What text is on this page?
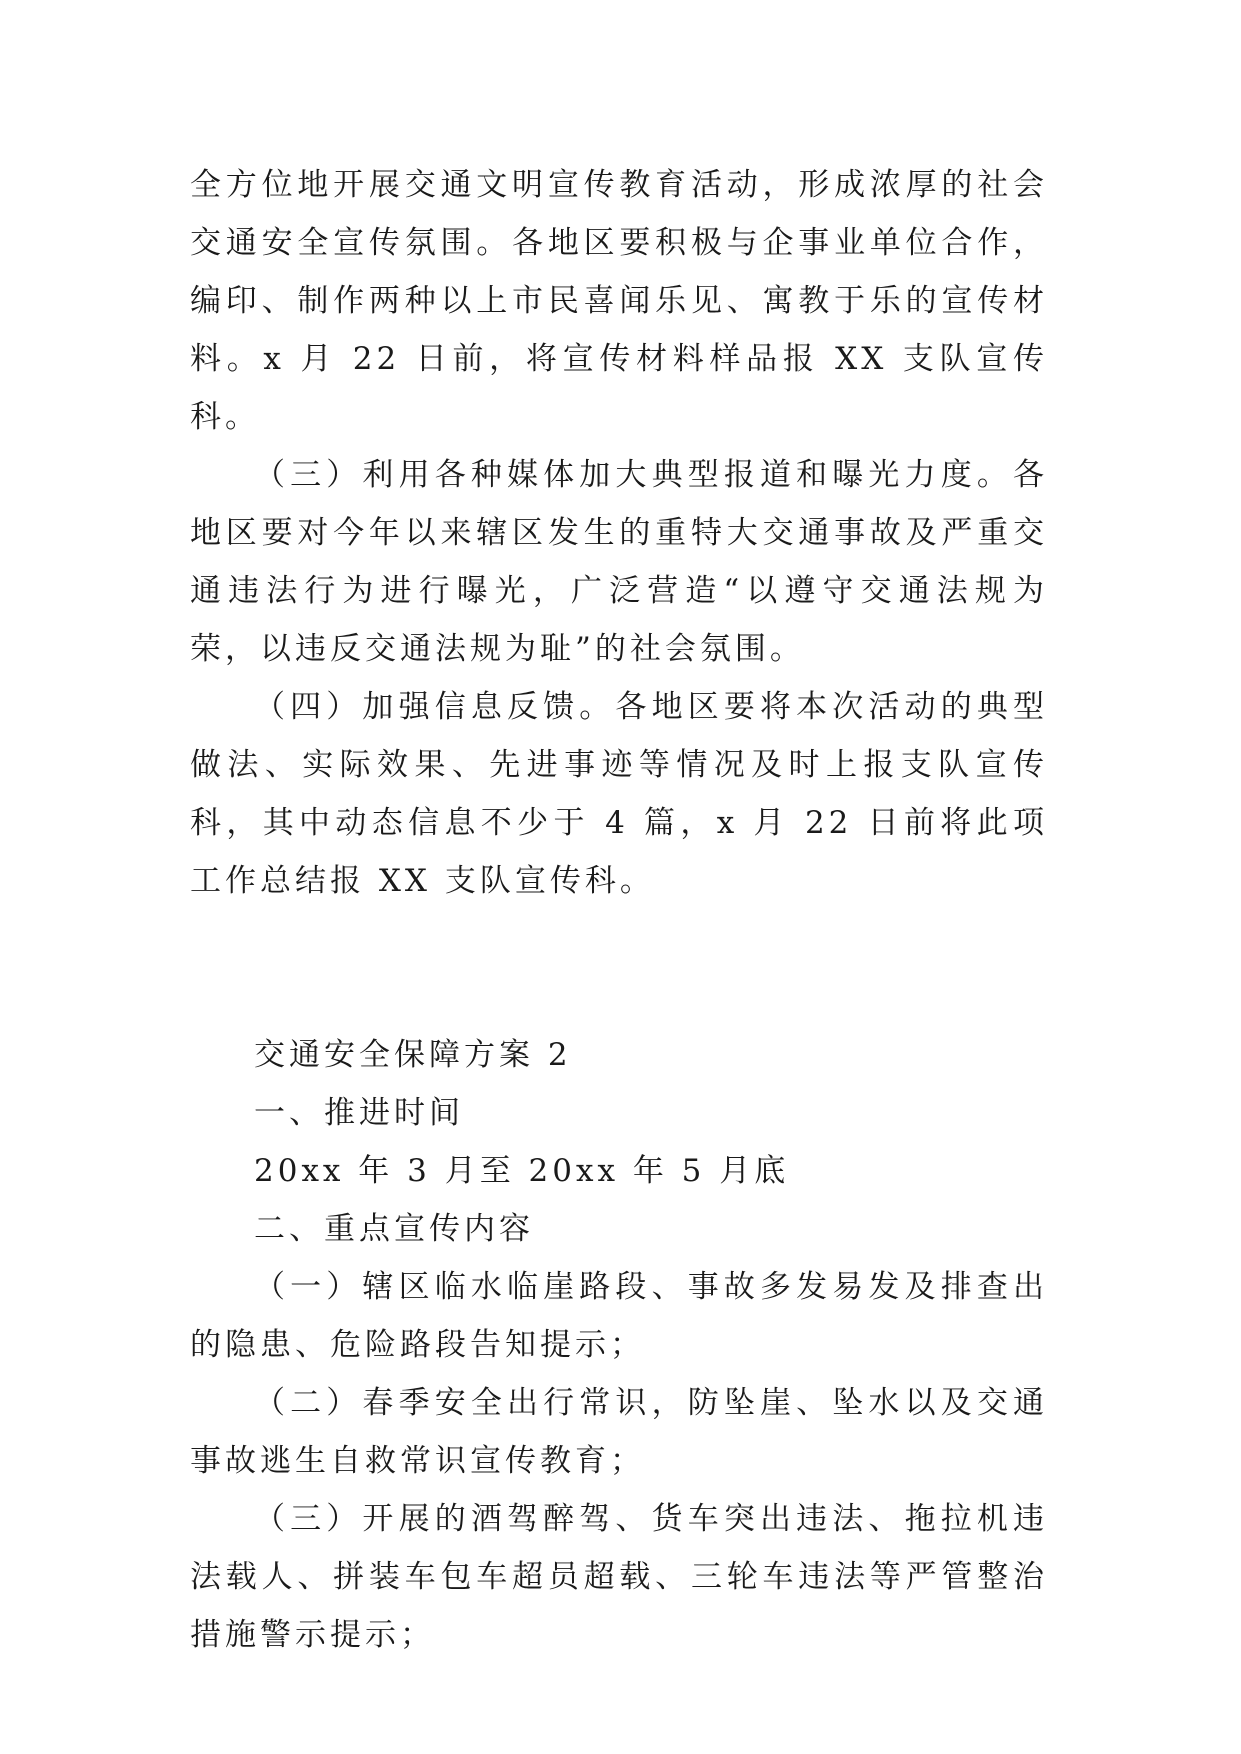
全方位地开展交通文明宣传教育活动，形成浓厚的社会交通安全宣传氛围。各地区要积极与企事业单位合作，编印、制作两种以上市民喜闻乐见、寓教于乐的宣传材料。x 月 22 日前，将宣传材料样品报 XX 支队宣传科。

（三）利用各种媒体加大典型报道和曝光力度。各地区要对今年以来辖区发生的重特大交通事故及严重交通违法行为进行曝光，广泛营造“以遵守交通法规为荣，以违反交通法规为耻”的社会氛围。

（四）加强信息反馈。各地区要将本次活动的典型做法、实际效果、先进事迹等情况及时上报支队宣传科，其中动态信息不少于 4 篇，x 月 22 日前将此项工作总结报 XX 支队宣传科。

交通安全保障方案 2

一、推进时间

20xx 年 3 月至 20xx 年 5 月底

二、重点宣传内容

（一）辖区临水临崖路段、事故多发易发及排查出的隐患、危险路段告知提示；

（二）春季安全出行常识，防坠崖、坠水以及交通事故逃生自救常识宣传教育；

（三）开展的酒驾醉驾、货车突出违法、拖拉机违法载人、拼装车包车超员超载、三轮车违法等严管整治措施警示提示；
